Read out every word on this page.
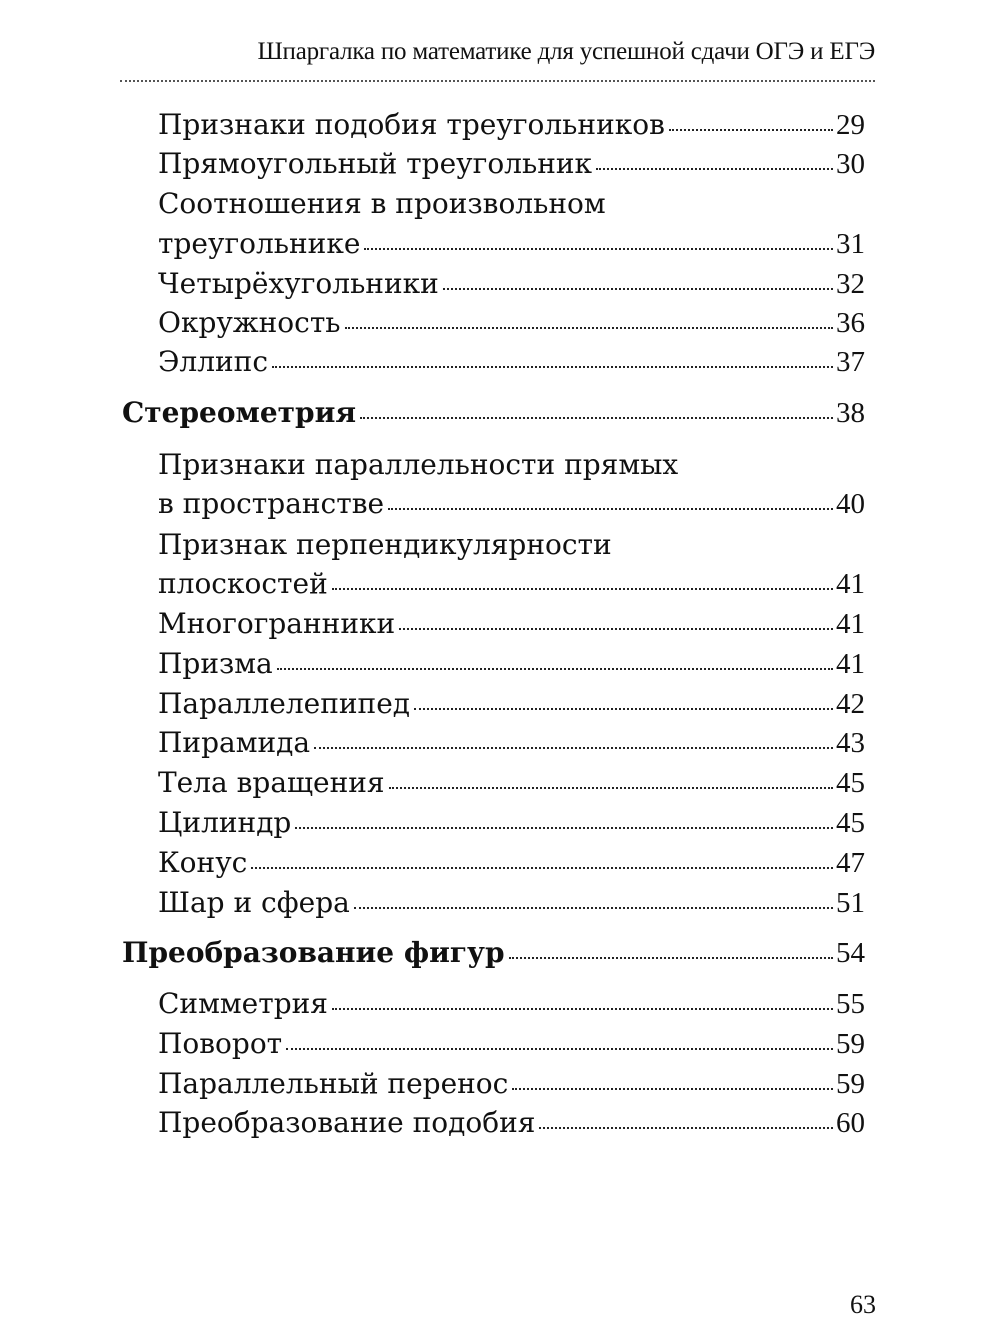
Шпаргалка по математике для успешной сдачи ОГЭ и ЕГЭ
Признаки подобия треугольников	29
Прямоугольный треугольник	30
Соотношения в произвольном
треугольнике	31
Четырёхугольники	32
Окружность	36
Эллипс	37
Стереометрия	38
Признаки параллельности прямых
в пространстве	40
Признак перпендикулярности
плоскостей	41
Многогранники	41
Призма	41
Параллелепипед	42
Пирамида	43
Тела вращения	45
Цилиндр	45
Конус	47
Шар и сфера	51
Преобразование фигур	54
Симметрия	55
Поворот	59
Параллельный перенос	59
Преобразование подобия	60
63
